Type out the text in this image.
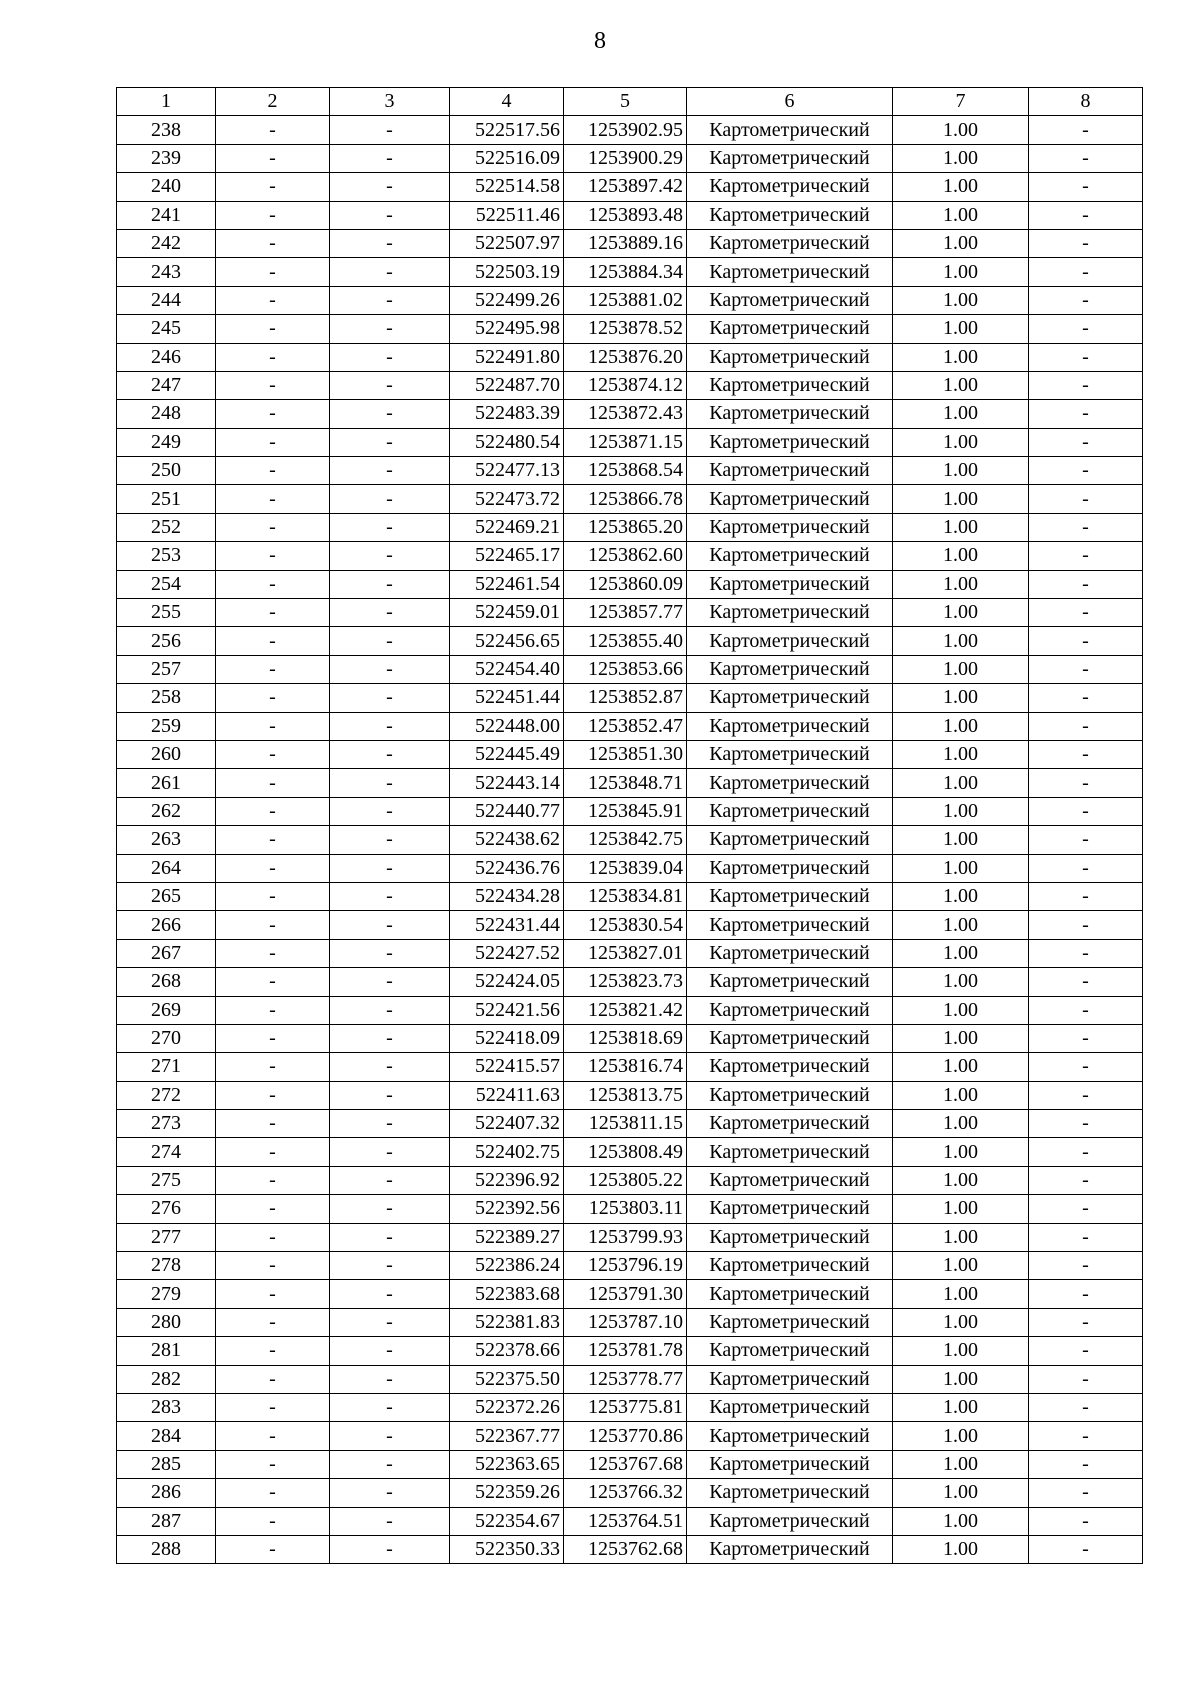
8
1	2	3	4	5	6	7	8
238	-	-	522517.56	1253902.95	Картометрический	1.00	-
239	-	-	522516.09	1253900.29	Картометрический	1.00	-
240	-	-	522514.58	1253897.42	Картометрический	1.00	-
241	-	-	522511.46	1253893.48	Картометрический	1.00	-
242	-	-	522507.97	1253889.16	Картометрический	1.00	-
243	-	-	522503.19	1253884.34	Картометрический	1.00	-
244	-	-	522499.26	1253881.02	Картометрический	1.00	-
245	-	-	522495.98	1253878.52	Картометрический	1.00	-
246	-	-	522491.80	1253876.20	Картометрический	1.00	-
247	-	-	522487.70	1253874.12	Картометрический	1.00	-
248	-	-	522483.39	1253872.43	Картометрический	1.00	-
249	-	-	522480.54	1253871.15	Картометрический	1.00	-
250	-	-	522477.13	1253868.54	Картометрический	1.00	-
251	-	-	522473.72	1253866.78	Картометрический	1.00	-
252	-	-	522469.21	1253865.20	Картометрический	1.00	-
253	-	-	522465.17	1253862.60	Картометрический	1.00	-
254	-	-	522461.54	1253860.09	Картометрический	1.00	-
255	-	-	522459.01	1253857.77	Картометрический	1.00	-
256	-	-	522456.65	1253855.40	Картометрический	1.00	-
257	-	-	522454.40	1253853.66	Картометрический	1.00	-
258	-	-	522451.44	1253852.87	Картометрический	1.00	-
259	-	-	522448.00	1253852.47	Картометрический	1.00	-
260	-	-	522445.49	1253851.30	Картометрический	1.00	-
261	-	-	522443.14	1253848.71	Картометрический	1.00	-
262	-	-	522440.77	1253845.91	Картометрический	1.00	-
263	-	-	522438.62	1253842.75	Картометрический	1.00	-
264	-	-	522436.76	1253839.04	Картометрический	1.00	-
265	-	-	522434.28	1253834.81	Картометрический	1.00	-
266	-	-	522431.44	1253830.54	Картометрический	1.00	-
267	-	-	522427.52	1253827.01	Картометрический	1.00	-
268	-	-	522424.05	1253823.73	Картометрический	1.00	-
269	-	-	522421.56	1253821.42	Картометрический	1.00	-
270	-	-	522418.09	1253818.69	Картометрический	1.00	-
271	-	-	522415.57	1253816.74	Картометрический	1.00	-
272	-	-	522411.63	1253813.75	Картометрический	1.00	-
273	-	-	522407.32	1253811.15	Картометрический	1.00	-
274	-	-	522402.75	1253808.49	Картометрический	1.00	-
275	-	-	522396.92	1253805.22	Картометрический	1.00	-
276	-	-	522392.56	1253803.11	Картометрический	1.00	-
277	-	-	522389.27	1253799.93	Картометрический	1.00	-
278	-	-	522386.24	1253796.19	Картометрический	1.00	-
279	-	-	522383.68	1253791.30	Картометрический	1.00	-
280	-	-	522381.83	1253787.10	Картометрический	1.00	-
281	-	-	522378.66	1253781.78	Картометрический	1.00	-
282	-	-	522375.50	1253778.77	Картометрический	1.00	-
283	-	-	522372.26	1253775.81	Картометрический	1.00	-
284	-	-	522367.77	1253770.86	Картометрический	1.00	-
285	-	-	522363.65	1253767.68	Картометрический	1.00	-
286	-	-	522359.26	1253766.32	Картометрический	1.00	-
287	-	-	522354.67	1253764.51	Картометрический	1.00	-
288	-	-	522350.33	1253762.68	Картометрический	1.00	-
